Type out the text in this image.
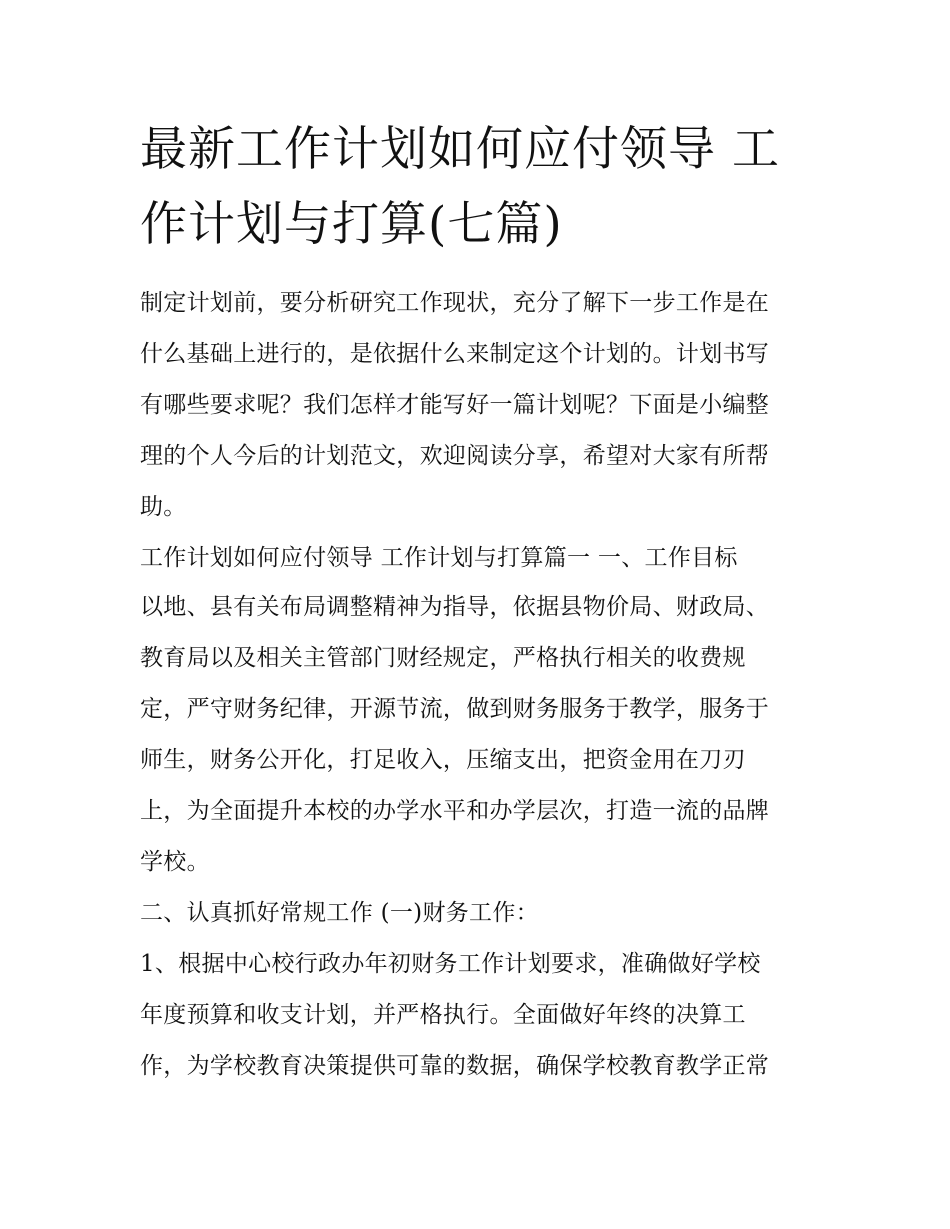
最新工作计划如何应付领导 工
作计划与打算(七篇)
制定计划前，要分析研究工作现状，充分了解下一步工作是在
什么基础上进行的，是依据什么来制定这个计划的。计划书写
有哪些要求呢？我们怎样才能写好一篇计划呢？下面是小编整
理的个人今后的计划范文，欢迎阅读分享，希望对大家有所帮
助。
工作计划如何应付领导 工作计划与打算篇一 一、工作目标
以地、县有关布局调整精神为指导，依据县物价局、财政局、
教育局以及相关主管部门财经规定，严格执行相关的收费规
定，严守财务纪律，开源节流，做到财务服务于教学，服务于
师生，财务公开化，打足收入，压缩支出，把资金用在刀刃
上，为全面提升本校的办学水平和办学层次，打造一流的品牌
学校。
二、认真抓好常规工作 (一)财务工作：
1、根据中心校行政办年初财务工作计划要求，准确做好学校
年度预算和收支计划，并严格执行。全面做好年终的决算工
作，为学校教育决策提供可靠的数据，确保学校教育教学正常
